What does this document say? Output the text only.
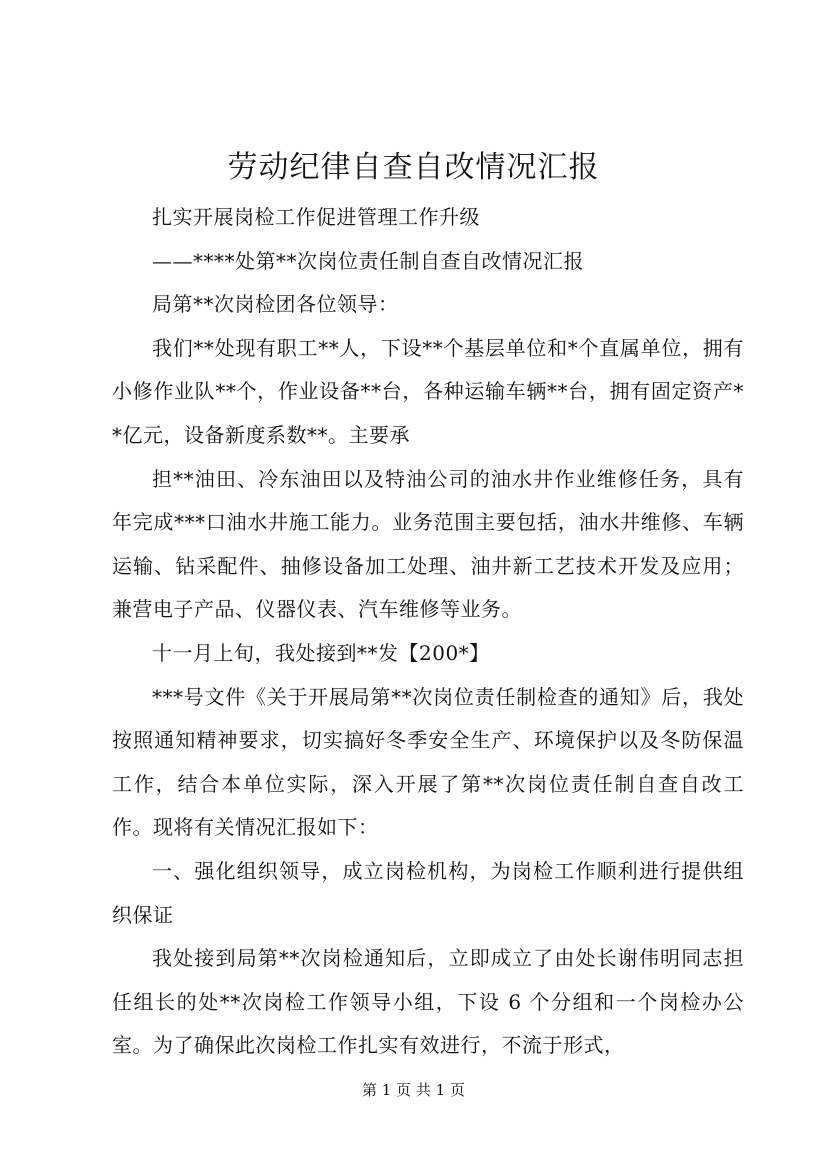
劳动纪律自查自改情况汇报

扎实开展岗检工作促进管理工作升级

——****处第**次岗位责任制自查自改情况汇报

局第**次岗检团各位领导：

我们**处现有职工**人，下设**个基层单位和*个直属单位，拥有小修作业队**个，作业设备**台，各种运输车辆**台，拥有固定资产**亿元，设备新度系数**。主要承

担**油田、冷东油田以及特油公司的油水井作业维修任务，具有年完成***口油水井施工能力。业务范围主要包括，油水井维修、车辆运输、钻采配件、抽修设备加工处理、油井新工艺技术开发及应用；兼营电子产品、仪器仪表、汽车维修等业务。

十一月上旬，我处接到**发【200*】

***号文件《关于开展局第**次岗位责任制检查的通知》后，我处按照通知精神要求，切实搞好冬季安全生产、环境保护以及冬防保温工作，结合本单位实际，深入开展了第**次岗位责任制自查自改工作。现将有关情况汇报如下：

一、强化组织领导，成立岗检机构，为岗检工作顺利进行提供组织保证

我处接到局第**次岗检通知后，立即成立了由处长谢伟明同志担任组长的处**次岗检工作领导小组，下设 6 个分组和一个岗检办公室。为了确保此次岗检工作扎实有效进行，不流于形式，

第 1 页 共 1 页
